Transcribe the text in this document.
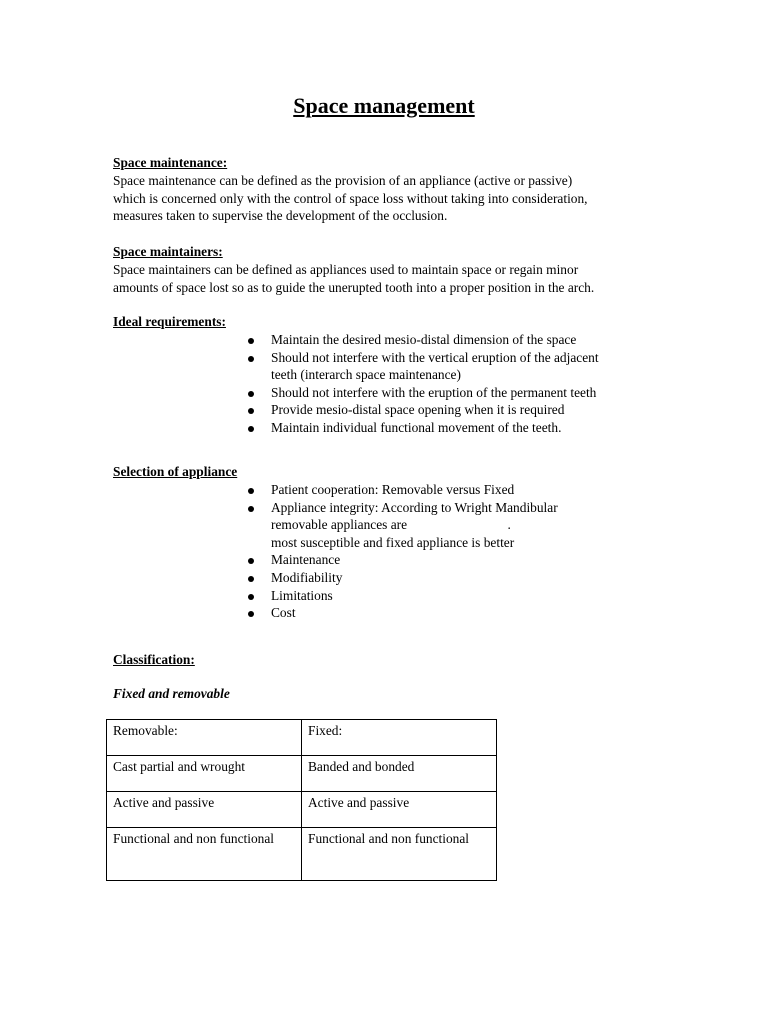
Space management
Space maintenance:
Space maintenance can be defined as the provision of an appliance (active or passive)
which is concerned only with the control of space loss without taking into consideration,
measures taken to supervise the development of the occlusion.
Space maintainers:
Space maintainers can be defined as appliances used to maintain space or regain minor
amounts of space lost so as to guide the unerupted tooth into a proper position in the arch.
Ideal requirements:
Maintain the desired mesio-distal dimension of the space
Should not interfere with the vertical eruption of the adjacent
teeth (interarch space maintenance)
Should not interfere with the eruption of the permanent teeth
Provide mesio-distal space opening when it is required
Maintain individual functional movement of the teeth.
Selection of appliance
Patient cooperation: Removable versus Fixed
Appliance integrity: According to Wright Mandibular
removable appliances are                              .
most susceptible and fixed appliance is better
Maintenance
Modifiability
Limitations
Cost
Classification:
Fixed and removable
Removable:	Fixed:
Cast partial and wrought	Banded and bonded
Active and passive	Active and passive
Functional and non functional	Functional and non functional
